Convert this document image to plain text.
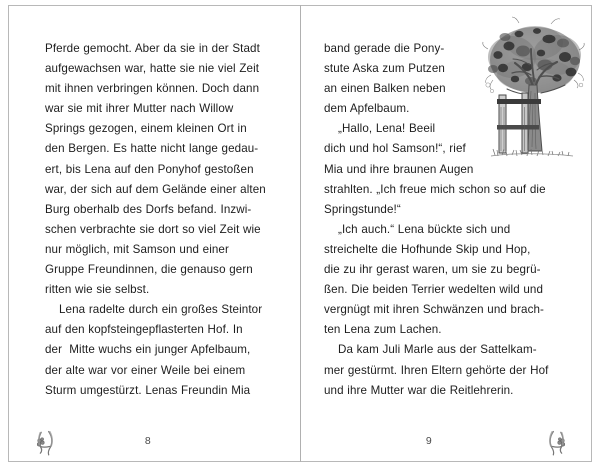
Pferde gemocht. Aber da sie in der Stadt
aufgewachsen war, hatte sie nie viel Zeit
mit ihnen verbringen können. Doch dann
war sie mit ihrer Mutter nach Willow
Springs gezogen, einem kleinen Ort in
den Bergen. Es hatte nicht lange gedau-
ert, bis Lena auf den Ponyhof gestoßen
war, der sich auf dem Gelände einer alten
Burg oberhalb des Dorfs befand. Inzwi-
schen verbrachte sie dort so viel Zeit wie
nur möglich, mit Samson und einer
Gruppe Freundinnen, die genauso gern
ritten wie sie selbst.
Lena radelte durch ein großes Steintor
auf den kopfsteingepflasterten Hof. In
der  Mitte wuchs ein junger Apfelbaum,
der alte war vor einer Weile bei einem
Sturm umgestürzt. Lenas Freundin Mia
8
band gerade die Pony-
stute Aska zum Putzen
an einen Balken neben
dem Apfelbaum.
„Hallo, Lena! Beeil
dich und hol Samson!“, rief
Mia und ihre braunen Augen
strahlten. „Ich freue mich schon so auf die
Springstunde!“
„Ich auch.“ Lena bückte sich und
streichelte die Hofhunde Skip und Hop,
die zu ihr gerast waren, um sie zu begrü-
ßen. Die beiden Terrier wedelten wild und
vergnügt mit ihren Schwänzen und brach-
ten Lena zum Lachen.
Da kam Juli Marle aus der Sattelkam-
mer gestürmt. Ihren Eltern gehörte der Hof
und ihre Mutter war die Reitlehrerin.
9
